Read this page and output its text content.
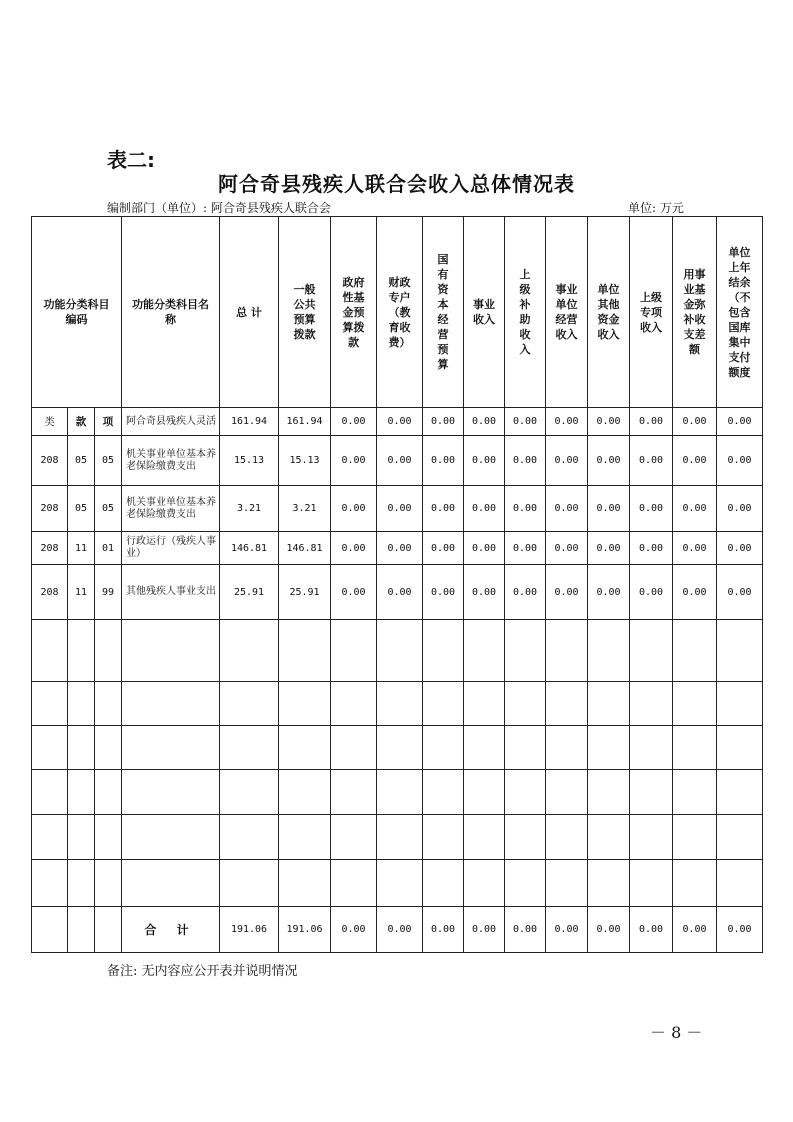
表二:
阿合奇县残疾人联合会收入总体情况表
编制部门（单位）: 阿合奇县残疾人联合会	单位: 万元
功能分类科目编码			功能分类科目名称	总 计	一般公共预算拨款	政府性基金预算拨款	财政专户（教育收费）	国有资本经营预算	事业收入	上级补助收入	事业单位经营收入	单位其他资金收入	上级专项收入	用事业基金弥补收支差额	单位上年结余（不包含国库集中支付额度
类	款	项	阿合奇县残疾人灵活	161.94	161.94	0.00	0.00	0.00	0.00	0.00	0.00	0.00	0.00	0.00	0.00
208	05	05	机关事业单位基本养老保险缴费支出	15.13	15.13	0.00	0.00	0.00	0.00	0.00	0.00	0.00	0.00	0.00	0.00
208	05	05	机关事业单位基本养老保险缴费支出	3.21	3.21	0.00	0.00	0.00	0.00	0.00	0.00	0.00	0.00	0.00	0.00
208	11	01	行政运行（残疾人事业）	146.81	146.81	0.00	0.00	0.00	0.00	0.00	0.00	0.00	0.00	0.00	0.00
208	11	99	其他残疾人事业支出	25.91	25.91	0.00	0.00	0.00	0.00	0.00	0.00	0.00	0.00	0.00	0.00

			合 计	191.06	191.06	0.00	0.00	0.00	0.00	0.00	0.00	0.00	0.00	0.00	0.00
备注: 无内容应公开表并说明情况
－ 8 －
